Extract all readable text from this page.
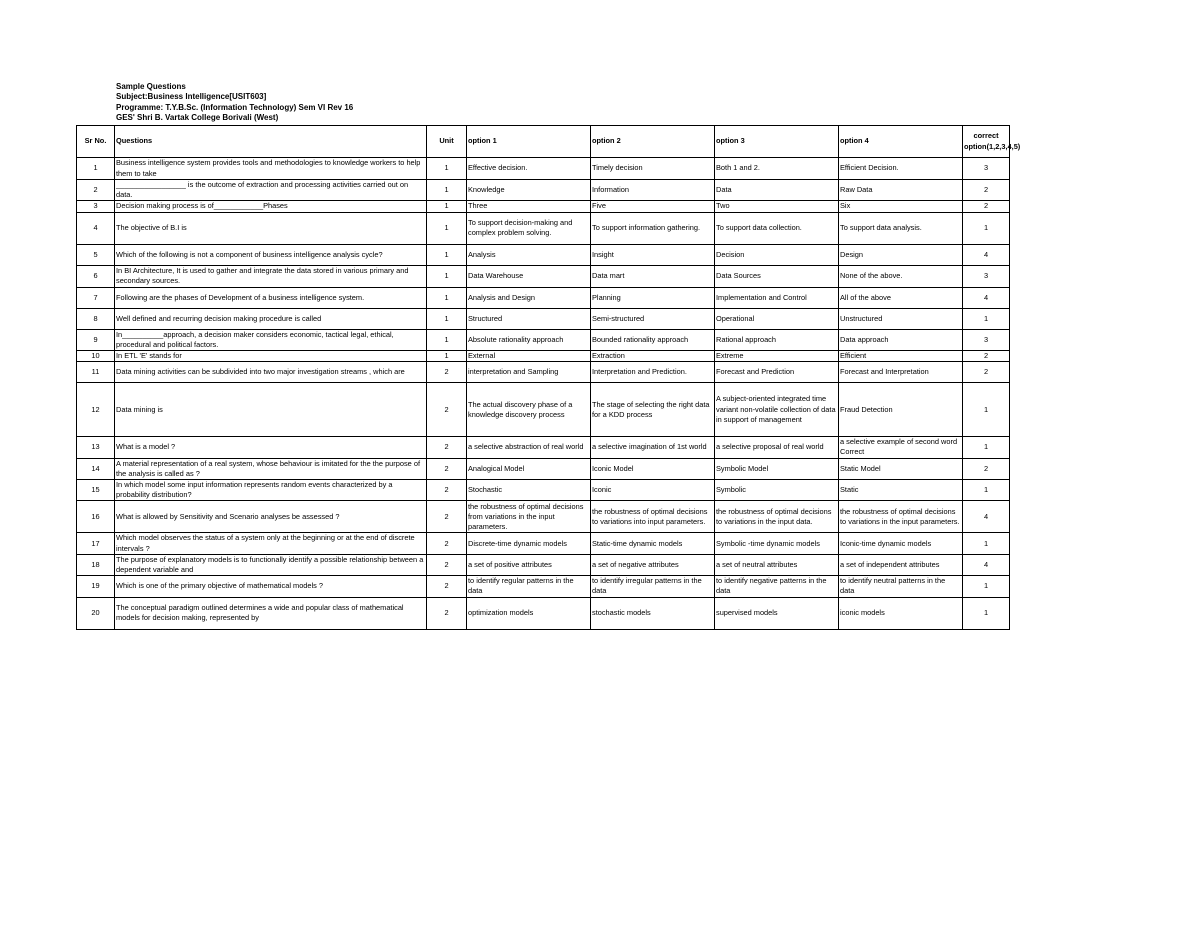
Sample Questions
Subject:Business Intelligence[USIT603]
Programme: T.Y.B.Sc. (Information Technology) Sem VI Rev 16
GES' Shri B. Vartak College Borivali (West)
Sr No.	Questions	Unit	option 1	option 2	option 3	option 4	correct option(1,2,3,4,5)
1	Business intelligence system provides tools and methodologies to knowledge workers to help them to take	1	Effective decision.	Timely decision	Both 1 and 2.	Efficient Decision.	3
2	_________________ is the outcome of extraction and processing activities carried out on data.	1	Knowledge	Information	Data	Raw Data	2
3	Decision making process is of____________Phases	1	Three	Five	Two	Six	2
4	The objective of B.I is	1	To support decision-making and complex problem solving.	To support information gathering.	To support data collection.	To support data analysis.	1
5	Which of the following is not a component of business intelligence analysis cycle?	1	Analysis	Insight	Decision	Design	4
6	In BI Architecture, It is used to gather and integrate the data stored in various primary and secondary sources.	1	Data Warehouse	Data mart	Data Sources	None of the above.	3
7	Following are the phases of Development of a business intelligence system.	1	Analysis and Design	Planning	Implementation and Control	All of the above	4
8	Well defined and recurring decision making procedure is called	1	Structured	Semi-structured	Operational	Unstructured	1
9	In__________approach, a decision maker considers economic, tactical legal, ethical, procedural and political factors.	1	Absolute rationality approach	Bounded rationality approach	Rational approach	Data approach	3
10	In ETL 'E' stands for	1	External	Extraction	Extreme	Efficient	2
11	Data mining activities can be subdivided into two major investigation streams , which are	2	interpretation and Sampling	Interpretation and Prediction.	Forecast and Prediction	Forecast and Interpretation	2
12	Data mining is	2	The actual discovery phase of a knowledge discovery process	The stage of selecting the right data for a KDD process	A subject-oriented integrated time variant non-volatile collection of data in support of management	Fraud Detection	1
13	What is a model ?	2	a selective abstraction of real world	a selective imagination of 1st world	a selective proposal of real world	a selective example of second word Correct	1
14	A material representation of a real system, whose behaviour is imitated for the the purpose of the analysis is called as ?	2	Analogical Model	Iconic Model	Symbolic Model	Static Model	2
15	In which model some input information represents random events characterized by a probability distribution?	2	Stochastic	Iconic	Symbolic	Static	1
16	What is allowed by Sensitivity and Scenario analyses be assessed ?	2	the robustness of optimal decisions from variations in the input parameters.	the robustness of optimal decisions to variations into input parameters.	the robustness of optimal decisions to variations in the input data.	the robustness of optimal decisions to variations in the input parameters.	4
17	Which model observes the status of a system only at the beginning or at the end of discrete intervals ?	2	Discrete-time dynamic models	Static-time dynamic models	Symbolic -time dynamic models	Iconic-time dynamic models	1
18	The purpose of explanatory models is to functionally identify a possible relationship between a dependent variable and	2	a set of positive attributes	a set of negative attributes	a set of neutral attributes	a set of independent attributes	4
19	Which is one of the primary objective of mathematical models ?	2	to identify regular patterns in the data	to identify irregular patterns in the data	to identify negative patterns in the data	to identify neutral patterns in the data	1
20	The conceptual paradigm outlined determines a wide and popular class of mathematical models for decision making, represented by	2	optimization models	stochastic models	supervised models	iconic models	1
